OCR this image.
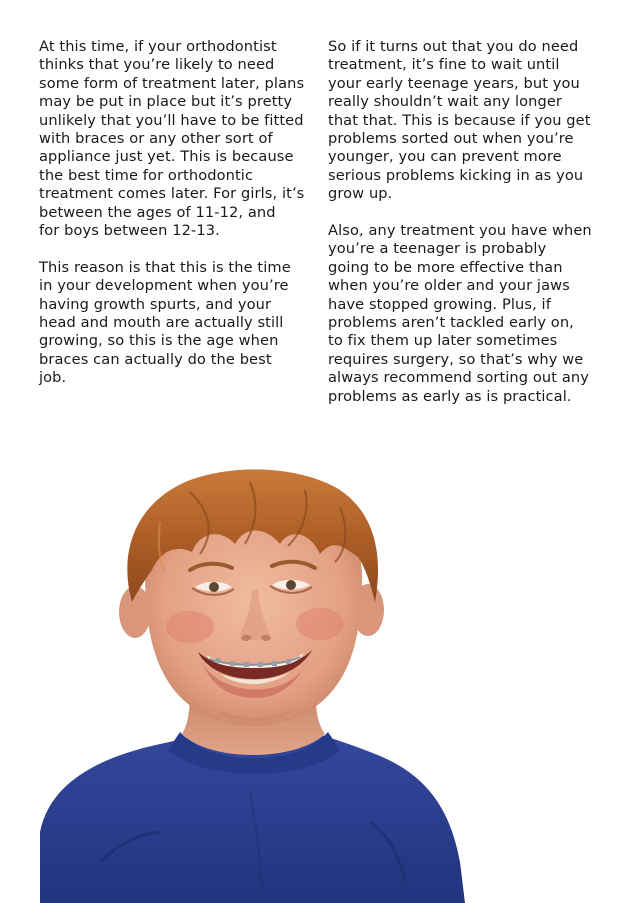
At this time, if your orthodontist
thinks that you’re likely to need
some form of treatment later, plans
may be put in place but it’s pretty
unlikely that you’ll have to be fitted
with braces or any other sort of
appliance just yet. This is because
the best time for orthodontic
treatment comes later. For girls, it’s
between the ages of 11-12, and
for boys between 12-13.
This reason is that this is the time
in your development when you’re
having growth spurts, and your
head and mouth are actually still
growing, so this is the age when
braces can actually do the best
job.
So if it turns out that you do need
treatment, it’s fine to wait until
your early teenage years, but you
really shouldn’t wait any longer
that that. This is because if you get
problems sorted out when you’re
younger, you can prevent more
serious problems kicking in as you
grow up.
Also, any treatment you have when
you’re a teenager is probably
going to be more effective than
when you’re older and your jaws
have stopped growing. Plus, if
problems aren’t tackled early on,
to fix them up later sometimes
requires surgery, so that’s why we
always recommend sorting out any
problems as early as is practical.
